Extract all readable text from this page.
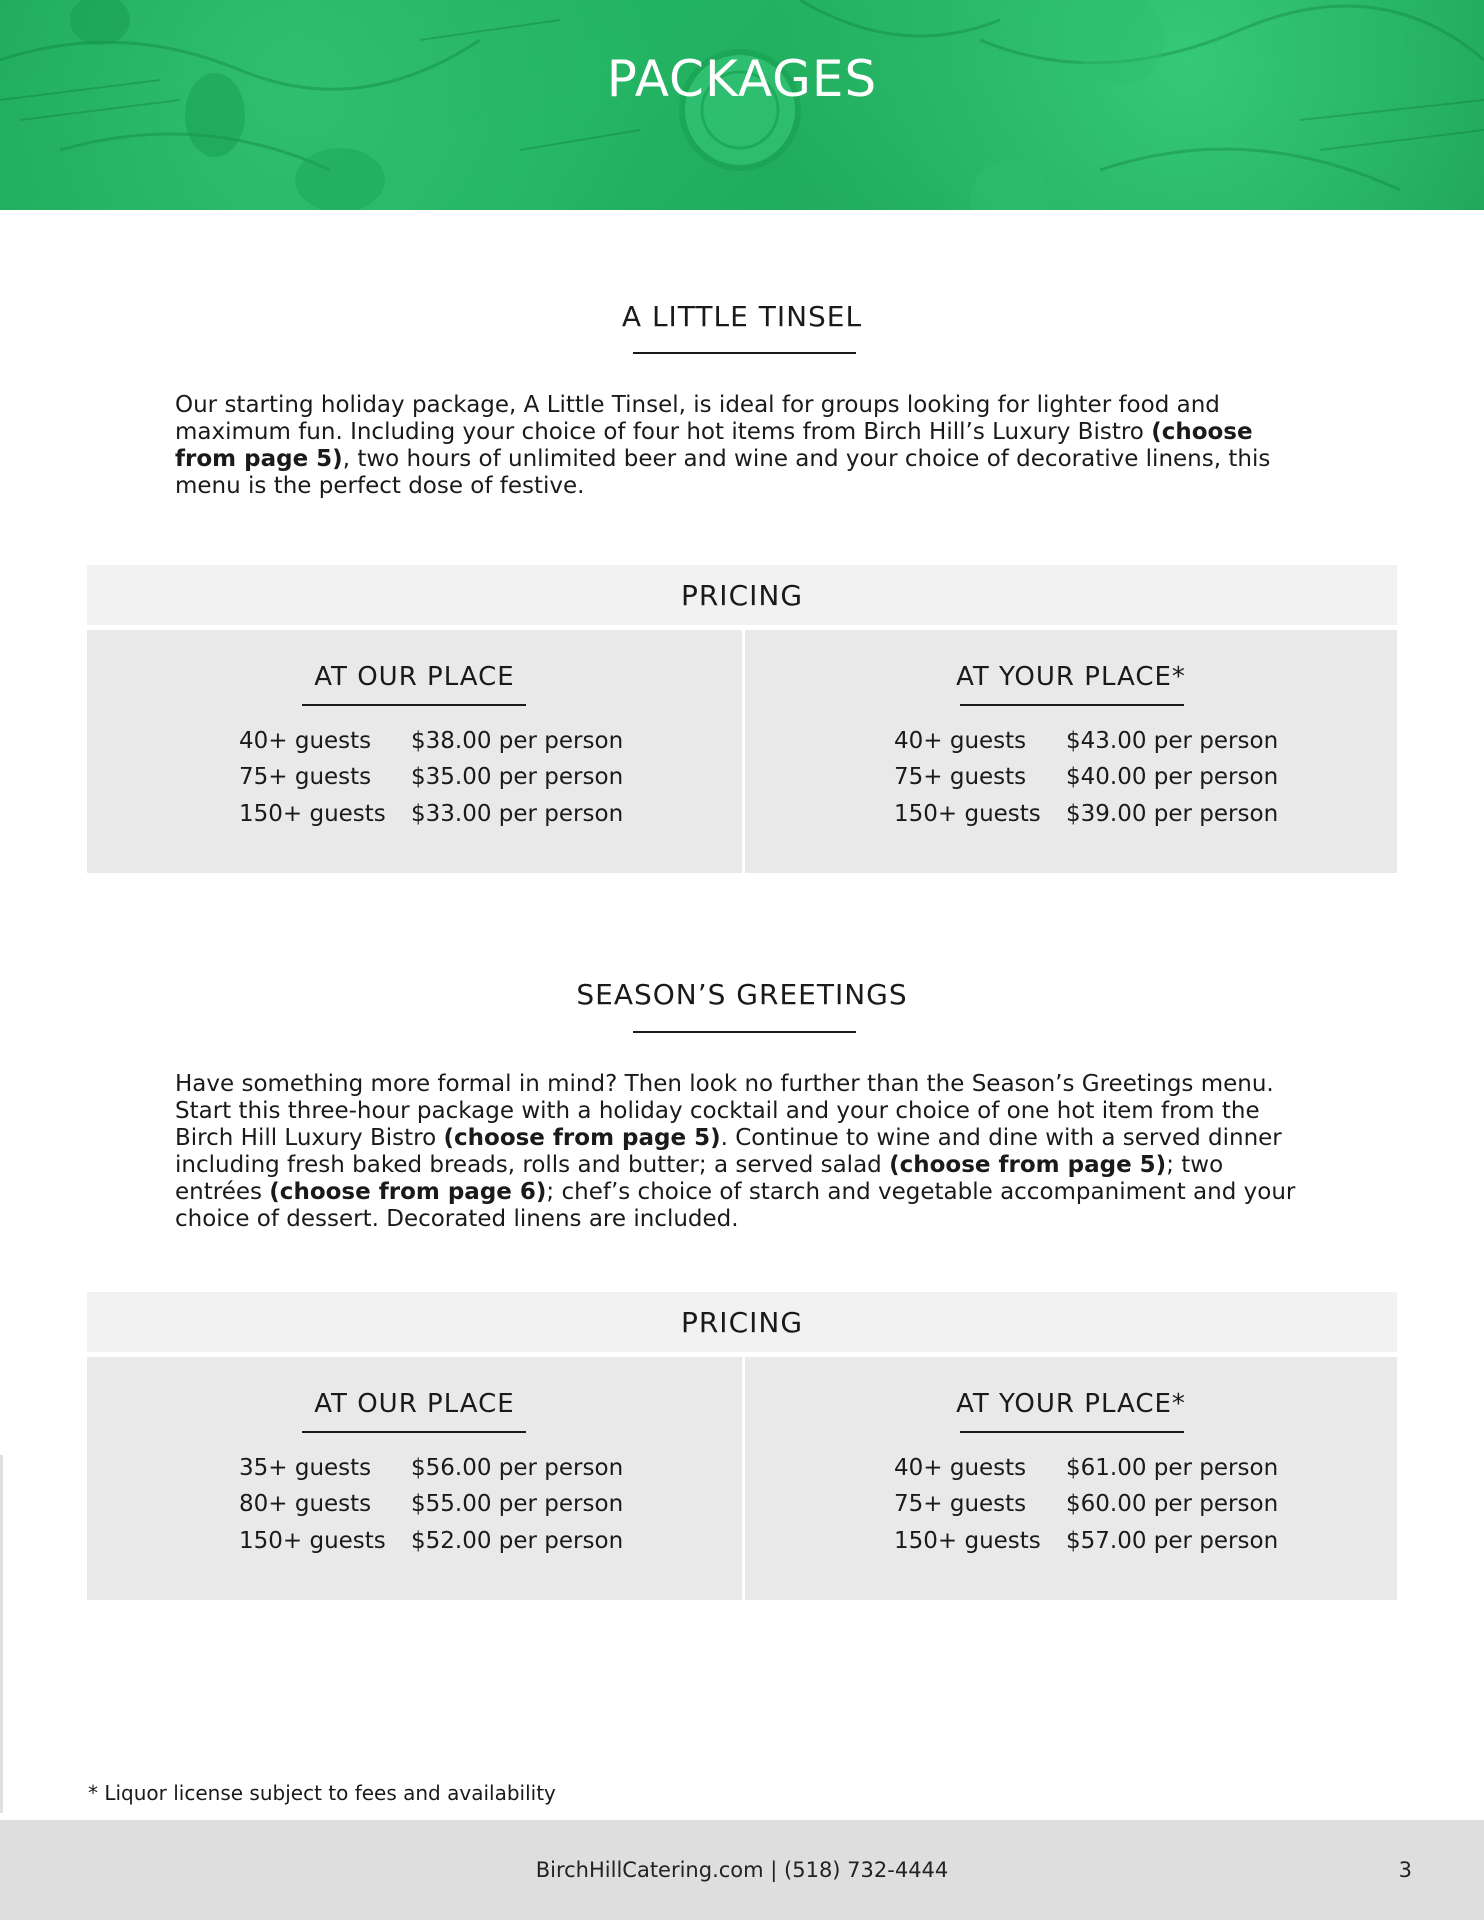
PACKAGES
A LITTLE TINSEL
Our starting holiday package, A Little Tinsel, is ideal for groups looking for lighter food and maximum fun. Including your choice of four hot items from Birch Hill’s Luxury Bistro (choose from page 5), two hours of unlimited beer and wine and your choice of decorative linens, this menu is the perfect dose of festive.
PRICING
AT OUR PLACE
40+ guests $38.00 per person
75+ guests $35.00 per person
150+ guests $33.00 per person
AT YOUR PLACE*
40+ guests $43.00 per person
75+ guests $40.00 per person
150+ guests $39.00 per person
SEASON’S GREETINGS
Have something more formal in mind? Then look no further than the Season’s Greetings menu. Start this three-hour package with a holiday cocktail and your choice of one hot item from the Birch Hill Luxury Bistro (choose from page 5). Continue to wine and dine with a served dinner including fresh baked breads, rolls and butter; a served salad (choose from page 5); two entrées (choose from page 6); chef’s choice of starch and vegetable accompaniment and your choice of dessert. Decorated linens are included.
PRICING
AT OUR PLACE
35+ guests $56.00 per person
80+ guests $55.00 per person
150+ guests $52.00 per person
AT YOUR PLACE*
40+ guests $61.00 per person
75+ guests $60.00 per person
150+ guests $57.00 per person
* Liquor license subject to fees and availability
BirchHillCatering.com | (518) 732-4444	3
